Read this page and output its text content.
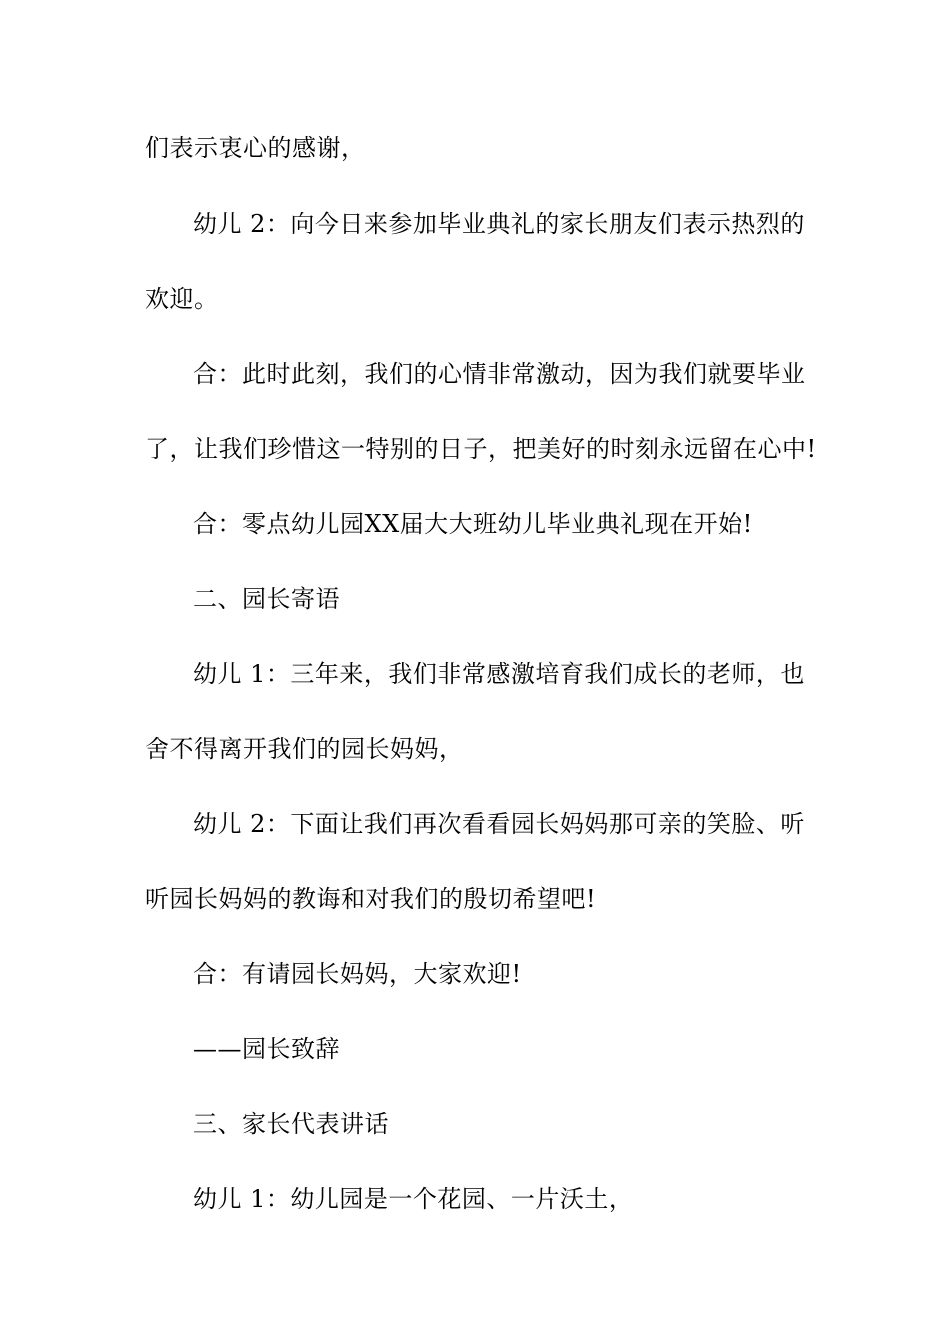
们表示衷心的感谢，
幼儿 2：向今日来参加毕业典礼的家长朋友们表示热烈的
欢迎。
合：此时此刻，我们的心情非常激动，因为我们就要毕业
了，让我们珍惜这一特别的日子，把美好的时刻永远留在心中!
合：零点幼儿园XX届大大班幼儿毕业典礼现在开始!
二、园长寄语
幼儿 1：三年来，我们非常感激培育我们成长的老师，也
舍不得离开我们的园长妈妈，
幼儿 2：下面让我们再次看看园长妈妈那可亲的笑脸、听
听园长妈妈的教诲和对我们的殷切希望吧!
合：有请园长妈妈，大家欢迎!
——园长致辞
三、家长代表讲话
幼儿 1：幼儿园是一个花园、一片沃土，
